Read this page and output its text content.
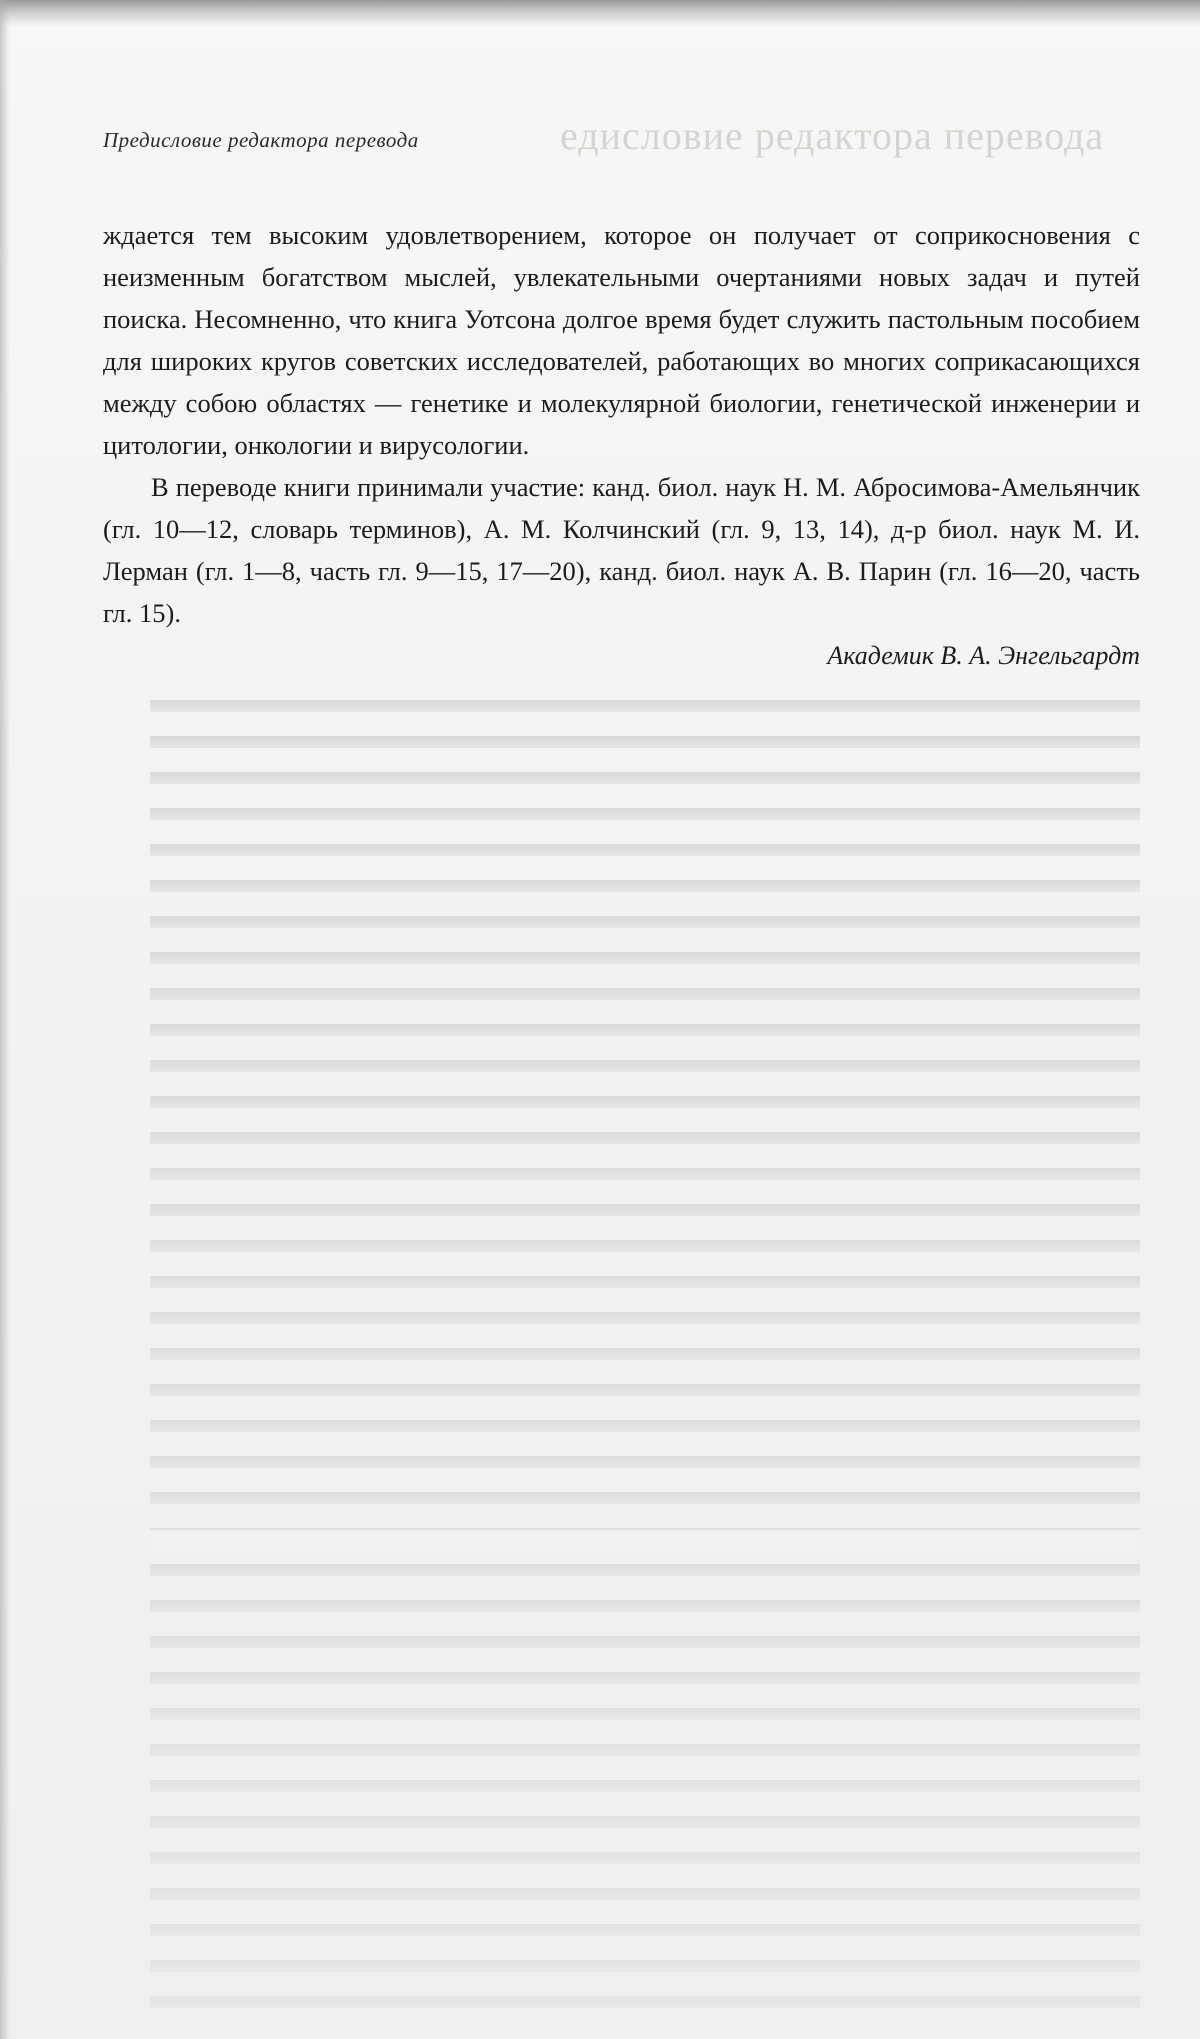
Предисловие редактора перевода	едисловие редактора перевода

ждается тем высоким удовлетворением, которое он получает от соприкосновения с неизменным богатством мыслей, увлекательными очертаниями новых задач и путей поиска. Несомненно, что книга Уотсона долгое время будет служить пастольным пособием для широких кругов советских исследователей, работающих во многих соприкасающихся между собою областях — генетике и молекулярной биологии, генетической инженерии и цитологии, онкологии и вирусологии.

В переводе книги принимали участие: канд. биол. наук Н. М. Абросимова-Амельянчик (гл. 10—12, словарь терминов), А. М. Колчинский (гл. 9, 13, 14), д-р биол. наук М. И. Лерман (гл. 1—8, часть гл. 9—15, 17—20), канд. биол. наук А. В. Парин (гл. 16—20, часть гл. 15).

Академик В. А. Энгельгардт
